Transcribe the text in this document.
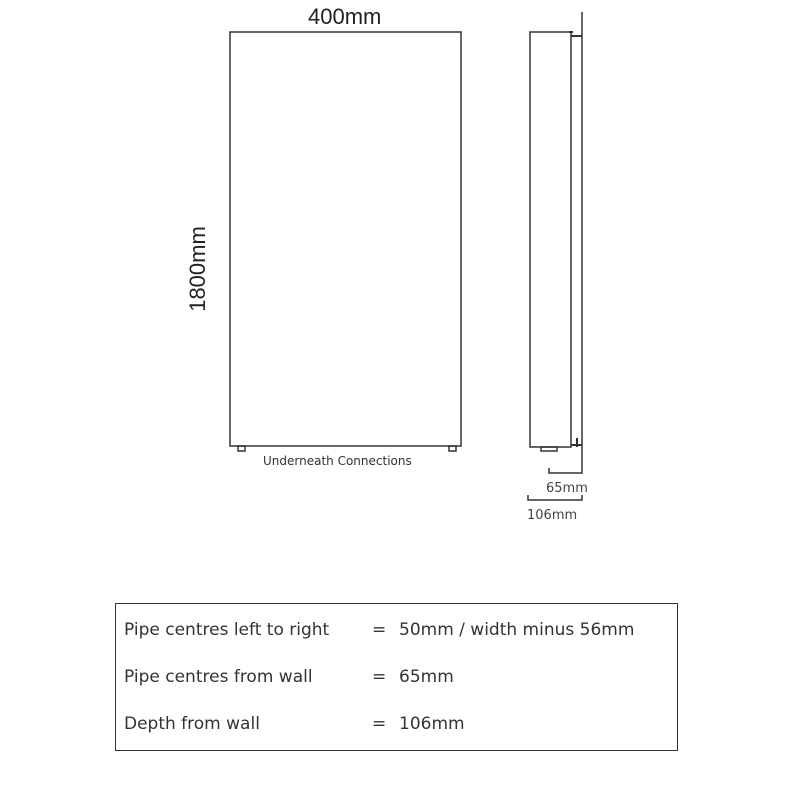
400mm
1800mm
Underneath Connections
65mm
106mm
Pipe centres left to right	= 50mm / width minus 56mm
Pipe centres from wall	= 65mm
Depth from wall	= 106mm
